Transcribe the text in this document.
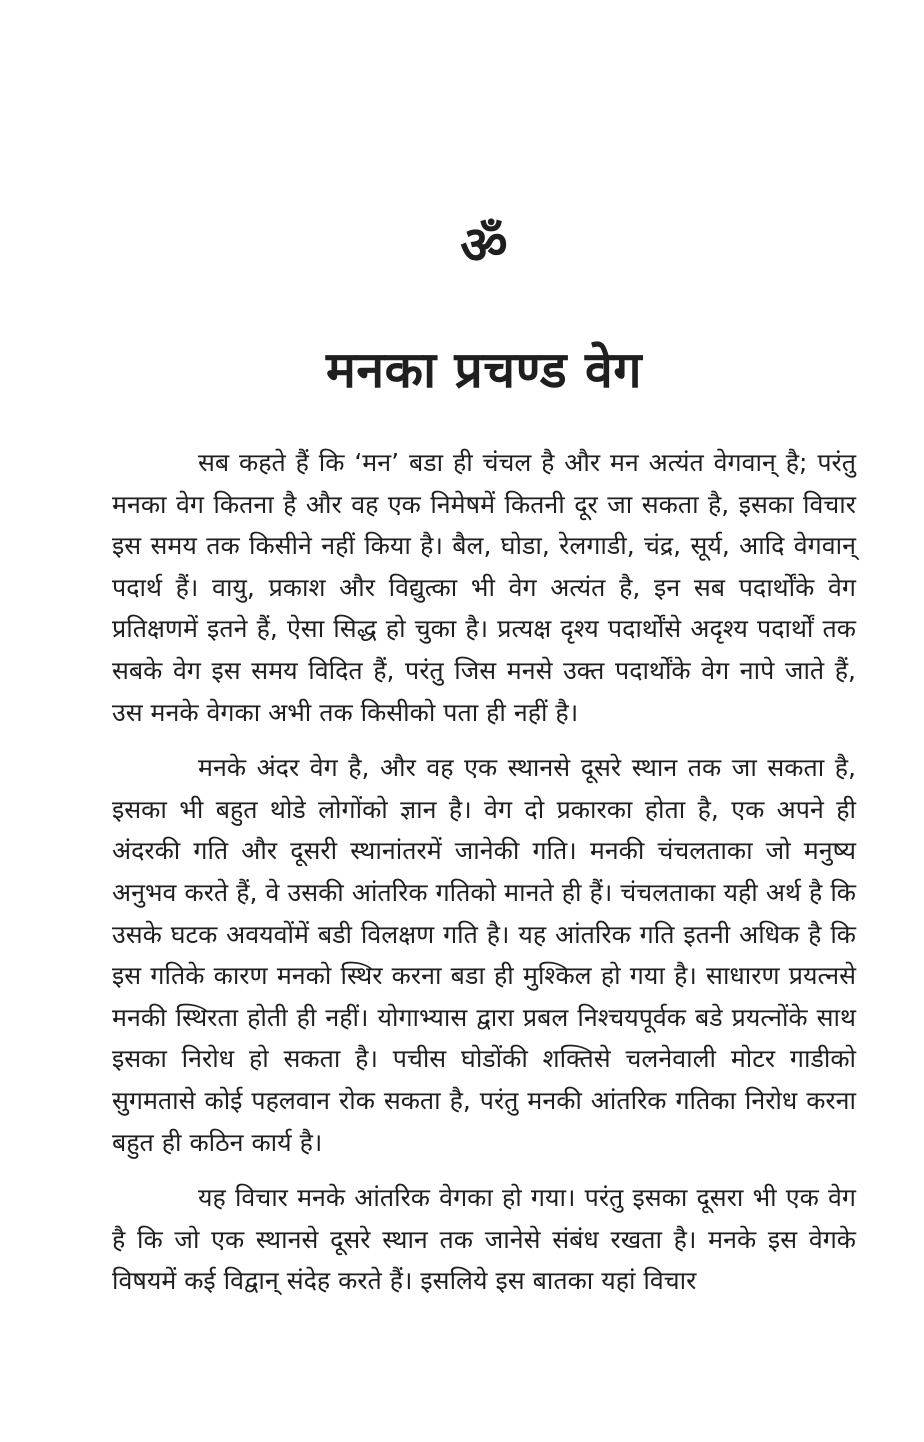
ॐ
मनका प्रचण्ड वेग

सब कहते हैं कि ‘मन’ बडा ही चंचल है और मन अत्यंत वेगवान् है; परंतु मनका वेग कितना है और वह एक निमेषमें कितनी दूर जा सकता है, इसका विचार इस समय तक किसीने नहीं किया है। बैल, घोडा, रेलगाडी, चंद्र, सूर्य, आदि वेगवान् पदार्थ हैं। वायु, प्रकाश और विद्युत्का भी वेग अत्यंत है, इन सब पदार्थोंके वेग प्रतिक्षणमें इतने हैं, ऐसा सिद्ध हो चुका है। प्रत्यक्ष दृश्य पदार्थोंसे अदृश्य पदार्थों तक सबके वेग इस समय विदित हैं, परंतु जिस मनसे उक्त पदार्थोंके वेग नापे जाते हैं, उस मनके वेगका अभी तक किसीको पता ही नहीं है।

मनके अंदर वेग है, और वह एक स्थानसे दूसरे स्थान तक जा सकता है, इसका भी बहुत थोडे लोगोंको ज्ञान है। वेग दो प्रकारका होता है, एक अपने ही अंदरकी गति और दूसरी स्थानांतरमें जानेकी गति। मनकी चंचलताका जो मनुष्य अनुभव करते हैं, वे उसकी आंतरिक गतिको मानते ही हैं। चंचलताका यही अर्थ है कि उसके घटक अवयवोंमें बडी विलक्षण गति है। यह आंतरिक गति इतनी अधिक है कि इस गतिके कारण मनको स्थिर करना बडा ही मुश्किल हो गया है। साधारण प्रयत्नसे मनकी स्थिरता होती ही नहीं। योगाभ्यास द्वारा प्रबल निश्चयपूर्वक बडे प्रयत्नोंके साथ इसका निरोध हो सकता है। पचीस घोडोंकी शक्तिसे चलनेवाली मोटर गाडीको सुगमतासे कोई पहलवान रोक सकता है, परंतु मनकी आंतरिक गतिका निरोध करना बहुत ही कठिन कार्य है।

यह विचार मनके आंतरिक वेगका हो गया। परंतु इसका दूसरा भी एक वेग है कि जो एक स्थानसे दूसरे स्थान तक जानेसे संबंध रखता है। मनके इस वेगके विषयमें कई विद्वान् संदेह करते हैं। इसलिये इस बातका यहां विचार
